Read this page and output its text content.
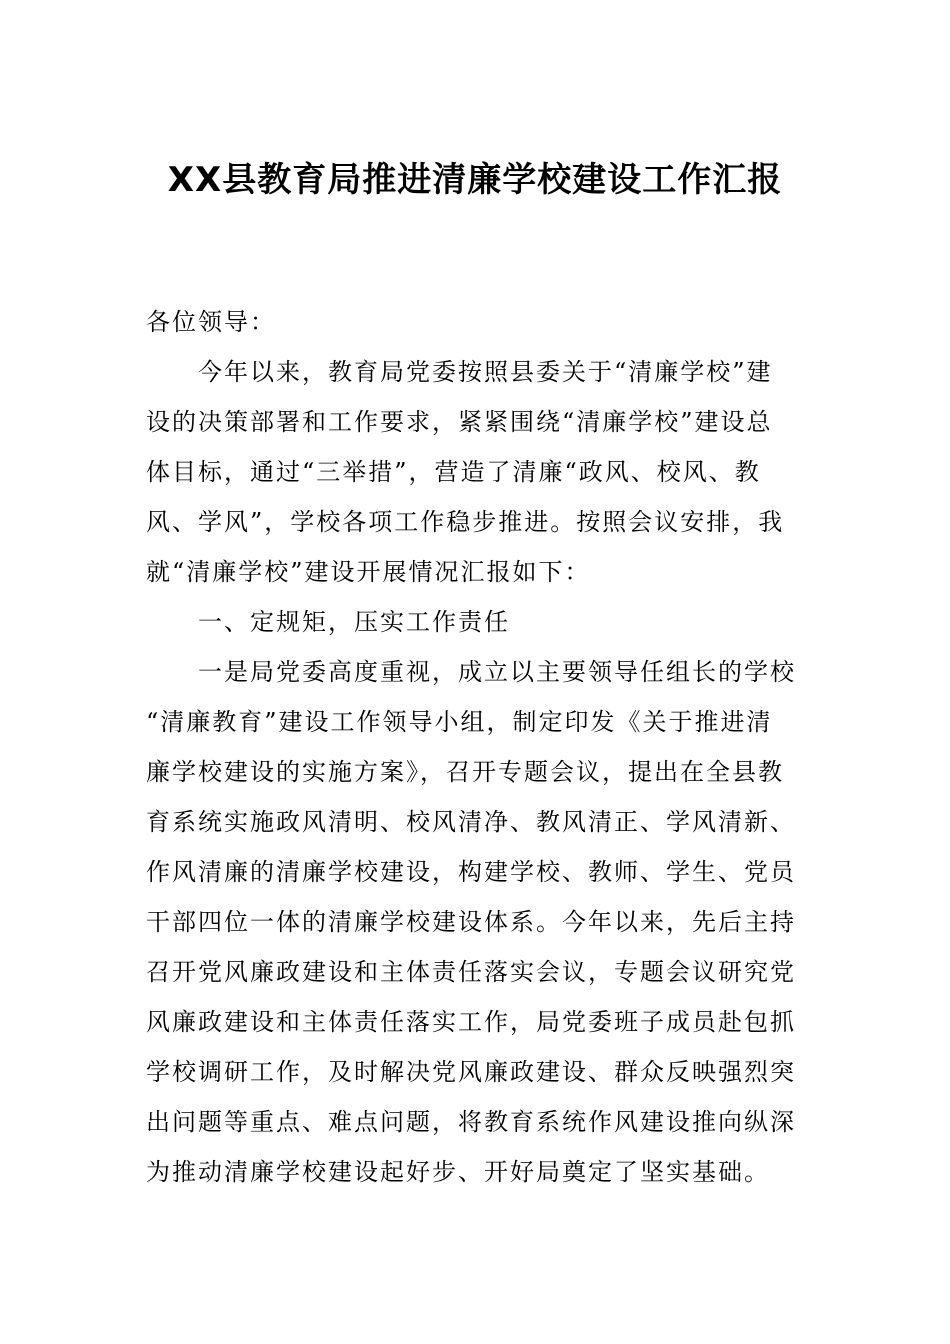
XX县教育局推进清廉学校建设工作汇报
各位领导：
今年以来，教育局党委按照县委关于“清廉学校”建
设的决策部署和工作要求，紧紧围绕“清廉学校”建设总
体目标，通过“三举措”，营造了清廉“政风、校风、教
风、学风”，学校各项工作稳步推进。按照会议安排，我
就“清廉学校”建设开展情况汇报如下：
一、定规矩，压实工作责任
一是局党委高度重视，成立以主要领导任组长的学校
“清廉教育”建设工作领导小组，制定印发《关于推进清
廉学校建设的实施方案》，召开专题会议，提出在全县教
育系统实施政风清明、校风清净、教风清正、学风清新、
作风清廉的清廉学校建设，构建学校、教师、学生、党员
干部四位一体的清廉学校建设体系。今年以来，先后主持
召开党风廉政建设和主体责任落实会议，专题会议研究党
风廉政建设和主体责任落实工作，局党委班子成员赴包抓
学校调研工作，及时解决党风廉政建设、群众反映强烈突
出问题等重点、难点问题，将教育系统作风建设推向纵深
为推动清廉学校建设起好步、开好局奠定了坚实基础。
